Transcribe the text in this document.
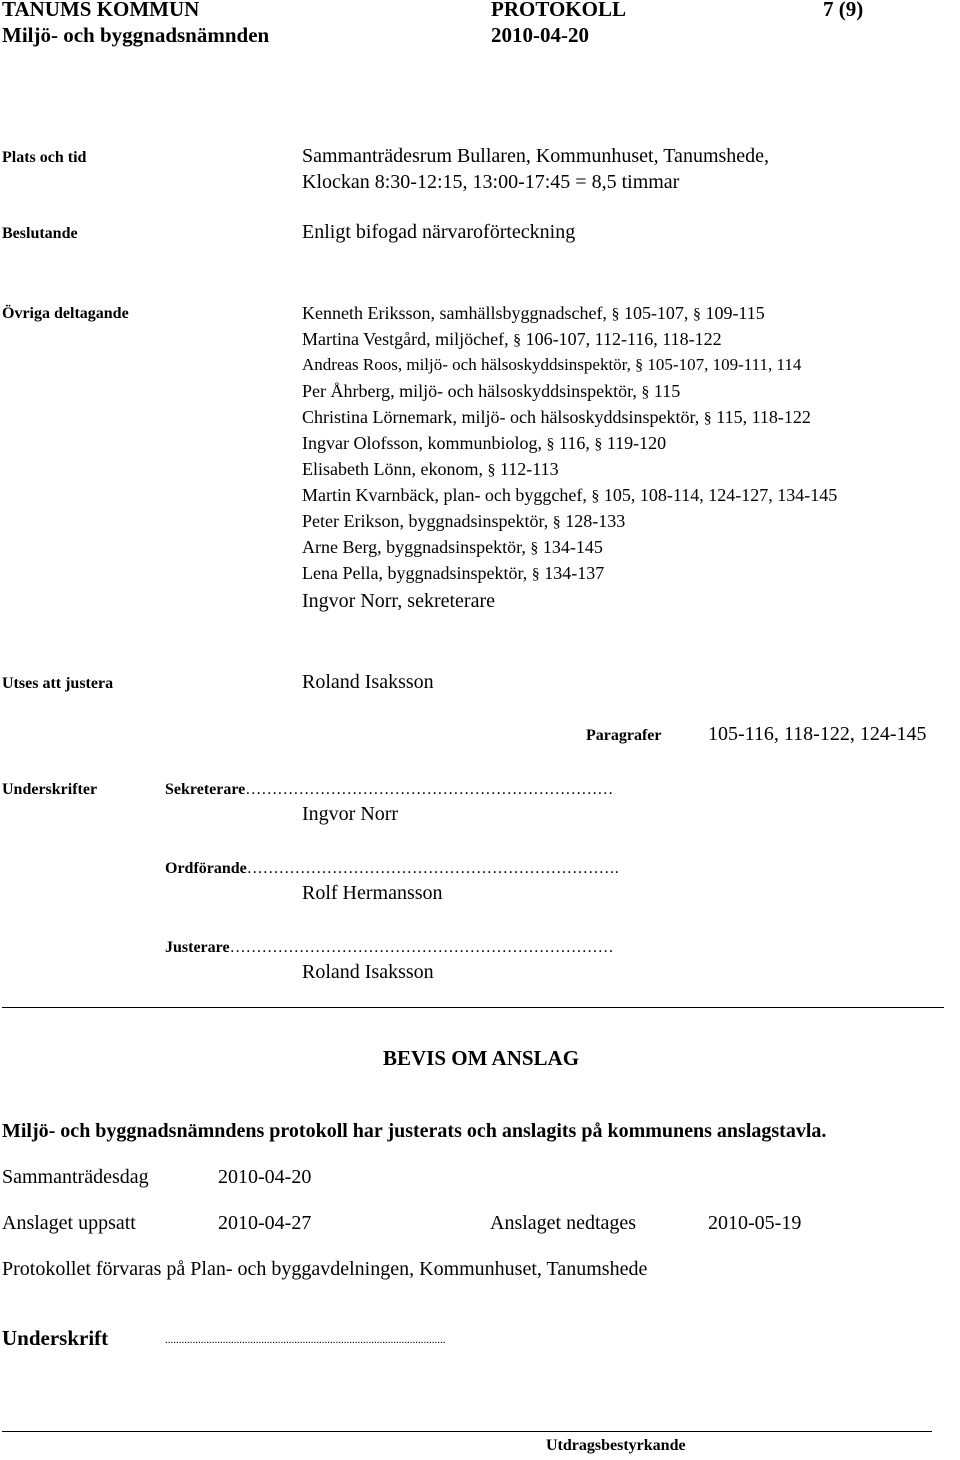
TANUMS KOMMUN	PROTOKOLL	7 (9)
Miljö- och byggnadsnämnden	2010-04-20
Plats och tid	Sammanträdesrum Bullaren, Kommunhuset, Tanumshede,
Klockan 8:30-12:15, 13:00-17:45 = 8,5 timmar
Beslutande	Enligt bifogad närvaroförteckning
Övriga deltagande	Kenneth Eriksson, samhällsbyggnadschef, § 105-107, § 109-115
Martina Vestgård, miljöchef, § 106-107, 112-116, 118-122
Andreas Roos, miljö- och hälsoskyddsinspektör, § 105-107, 109-111, 114
Per Åhrberg, miljö- och hälsoskyddsinspektör, § 115
Christina Lörnemark, miljö- och hälsoskyddsinspektör, § 115, 118-122
Ingvar Olofsson, kommunbiolog, § 116, § 119-120
Elisabeth Lönn, ekonom, § 112-113
Martin Kvarnbäck, plan- och byggchef, § 105, 108-114, 124-127, 134-145
Peter Erikson, byggnadsinspektör, § 128-133
Arne Berg, byggnadsinspektör, § 134-145
Lena Pella, byggnadsinspektör, § 134-137
Ingvor Norr, sekreterare
Utses att justera	Roland Isaksson
Paragrafer 105-116, 118-122, 124-145
Underskrifter	Sekreterare……………………………………………………………
Ingvor Norr
Ordförande…………………………………………………………….
Rolf Hermansson
Justerare………………………………………………………………
Roland Isaksson
BEVIS OM ANSLAG
Miljö- och byggnadsnämndens protokoll har justerats och anslagits på kommunens anslagstavla.
Sammanträdesdag	2010-04-20
Anslaget uppsatt	2010-04-27	Anslaget nedtages	2010-05-19
Protokollet förvaras på Plan- och byggavdelningen, Kommunhuset, Tanumshede
Underskrift	......................................................................................................
Utdragsbestyrkande
